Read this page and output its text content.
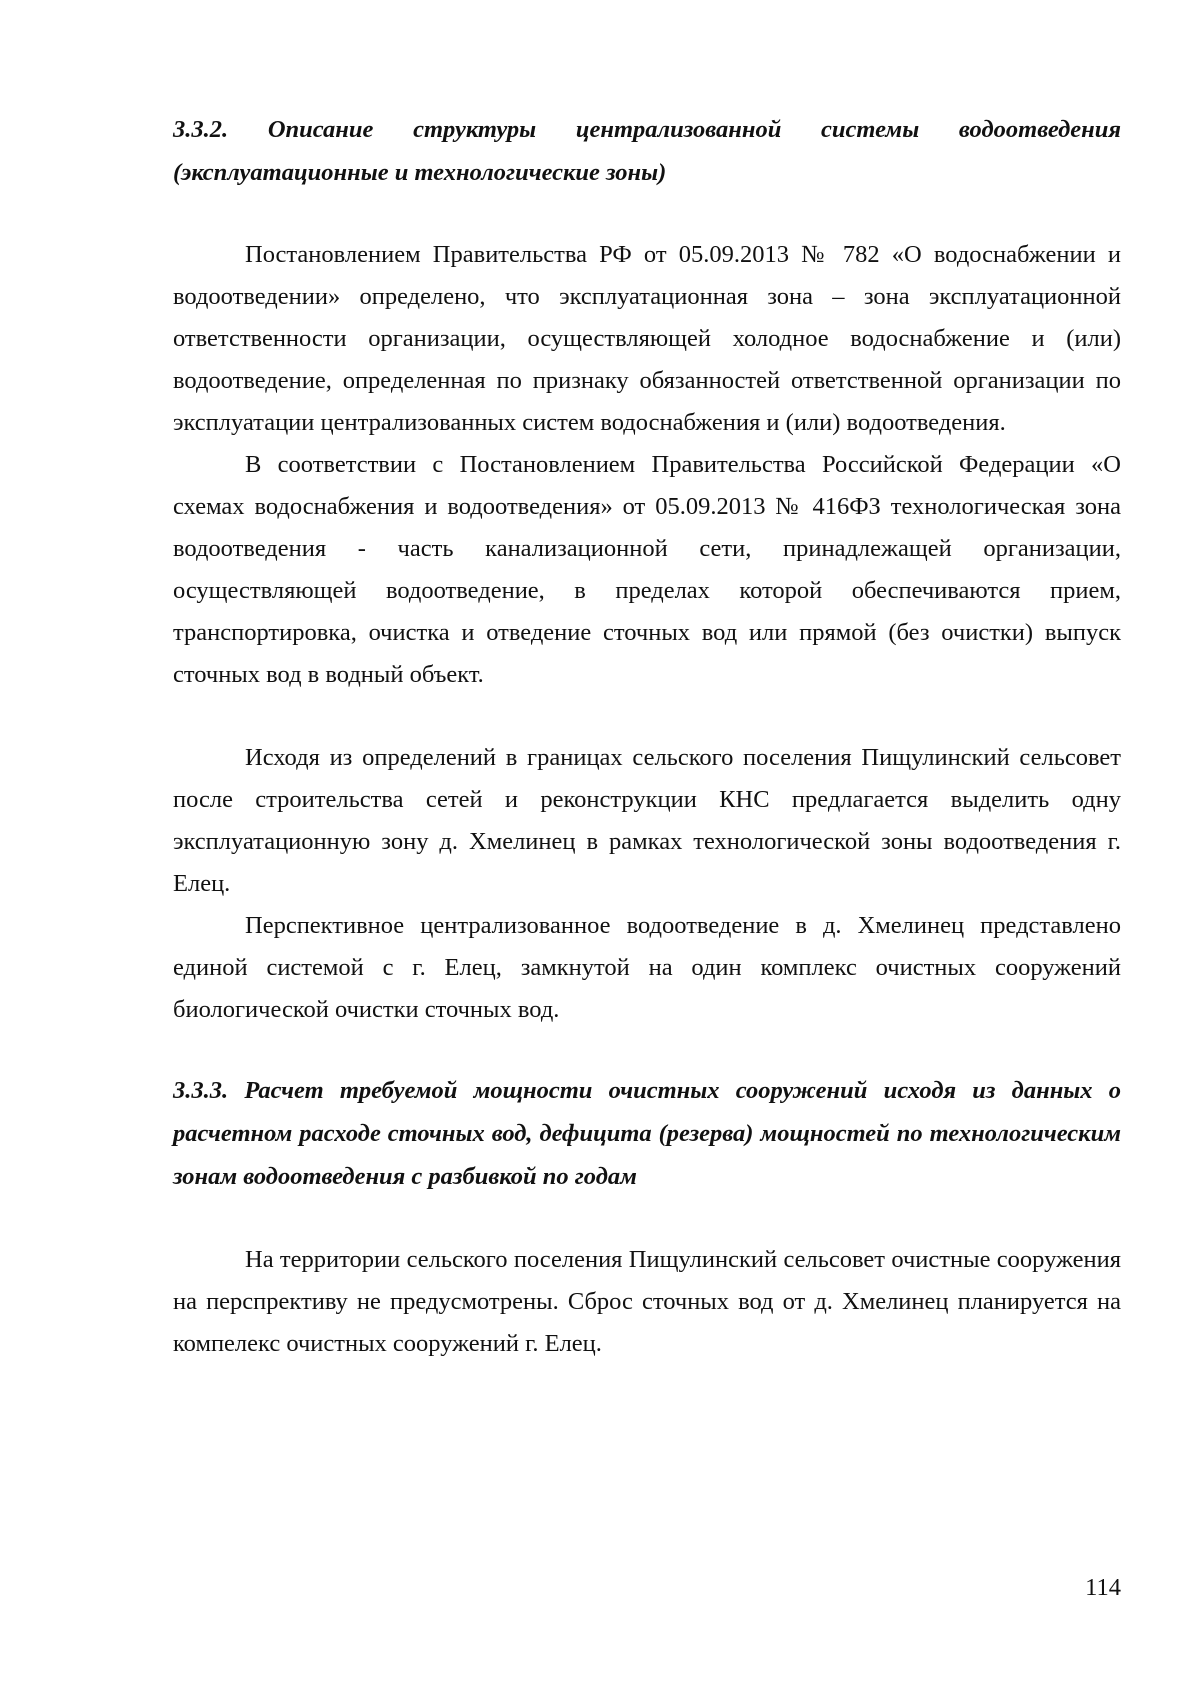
3.3.2. Описание структуры централизованной системы водоотведения (эксплуатационные и технологические зоны)

Постановлением Правительства РФ от 05.09.2013 № 782 «О водоснабжении и водоотведении» определено, что эксплуатационная зона – зона эксплуатационной ответственности организации, осуществляющей холодное водоснабжение и (или) водоотведение, определенная по признаку обязанностей ответственной организации по эксплуатации централизованных систем водоснабжения и (или) водоотведения.

В соответствии с Постановлением Правительства Российской Федерации «О схемах водоснабжения и водоотведения» от 05.09.2013 № 416ФЗ технологическая зона водоотведения - часть канализационной сети, принадлежащей организации, осуществляющей водоотведение, в пределах которой обеспечиваются прием, транспортировка, очистка и отведение сточных вод или прямой (без очистки) выпуск сточных вод в водный объект.

Исходя из определений в границах сельского поселения Пищулинский сельсовет после строительства сетей и реконструкции КНС предлагается выделить одну эксплуатационную зону д. Хмелинец в рамках технологической зоны водоотведения г. Елец.

Перспективное централизованное водоотведение в д. Хмелинец представлено единой системой с г. Елец, замкнутой на один комплекс очистных сооружений биологической очистки сточных вод.

3.3.3. Расчет требуемой мощности очистных сооружений исходя из данных о расчетном расходе сточных вод, дефицита (резерва) мощностей по технологическим зонам водоотведения с разбивкой по годам

На территории сельского поселения Пищулинский сельсовет очистные сооружения на перспрективу не предусмотрены. Сброс сточных вод от д. Хмелинец планируется на компелекс очистных сооружений г. Елец.

114
